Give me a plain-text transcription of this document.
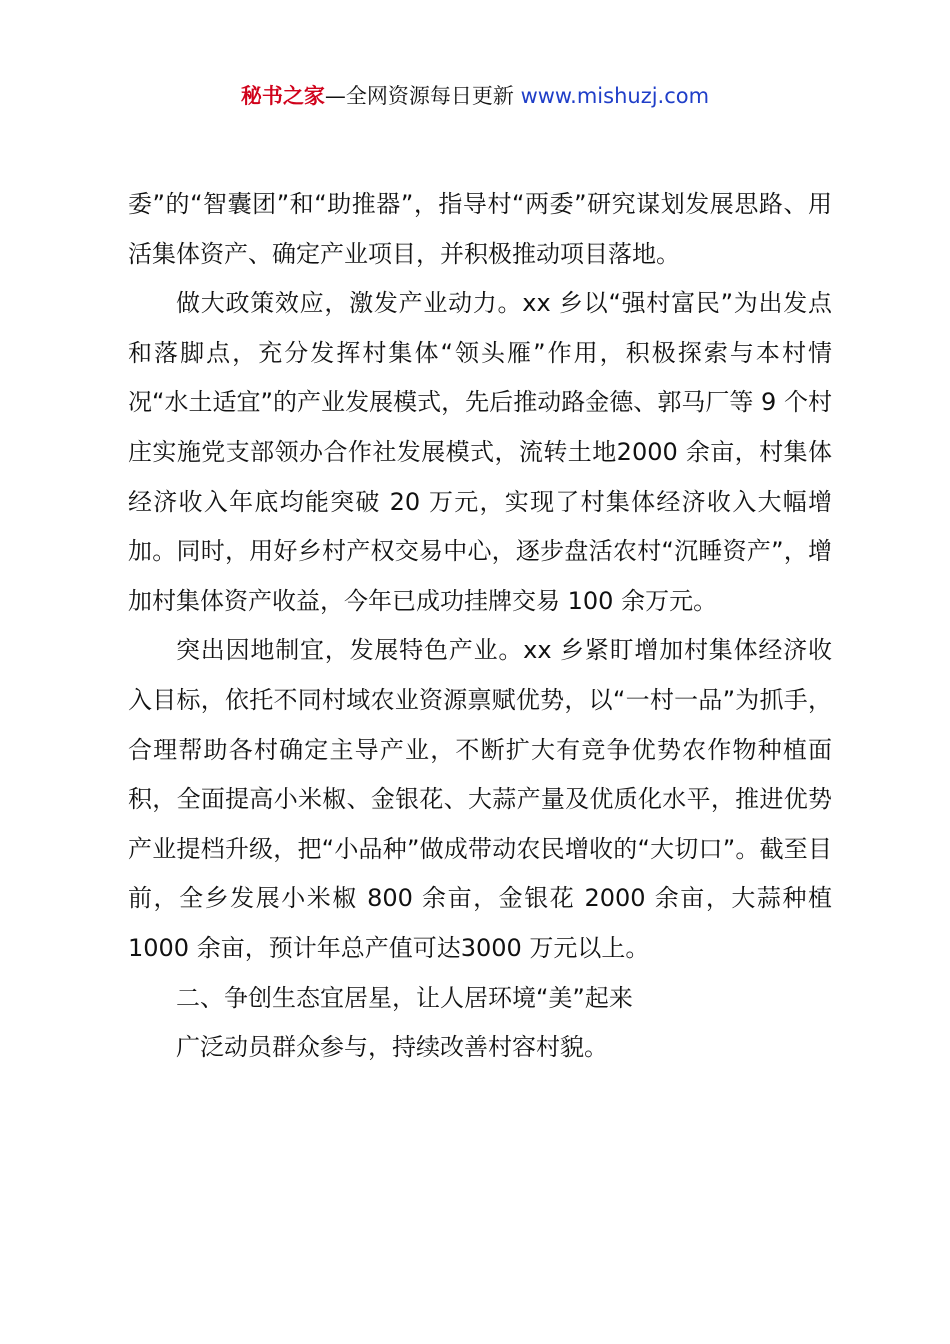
秘书之家—全网资源每日更新 www.mishuzj.com

委”的“智囊团”和“助推器”，指导村“两委”研究谋划发展思路、用活集体资产、确定产业项目，并积极推动项目落地。

做大政策效应，激发产业动力。xx 乡以“强村富民”为出发点和落脚点，充分发挥村集体“领头雁”作用，积极探索与本村情况“水土适宜”的产业发展模式，先后推动路金德、郭马厂等 9 个村庄实施党支部领办合作社发展模式，流转土地2000 余亩，村集体经济收入年底均能突破 20 万元，实现了村集体经济收入大幅增加。同时，用好乡村产权交易中心，逐步盘活农村“沉睡资产”，增加村集体资产收益，今年已成功挂牌交易 100 余万元。

突出因地制宜，发展特色产业。xx 乡紧盯增加村集体经济收入目标，依托不同村域农业资源禀赋优势，以“一村一品”为抓手，合理帮助各村确定主导产业，不断扩大有竞争优势农作物种植面积，全面提高小米椒、金银花、大蒜产量及优质化水平，推进优势产业提档升级，把“小品种”做成带动农民增收的“大切口”。截至目前，全乡发展小米椒 800 余亩，金银花 2000 余亩，大蒜种植 1000 余亩，预计年总产值可达3000 万元以上。

二、争创生态宜居星，让人居环境“美”起来

广泛动员群众参与，持续改善村容村貌。
